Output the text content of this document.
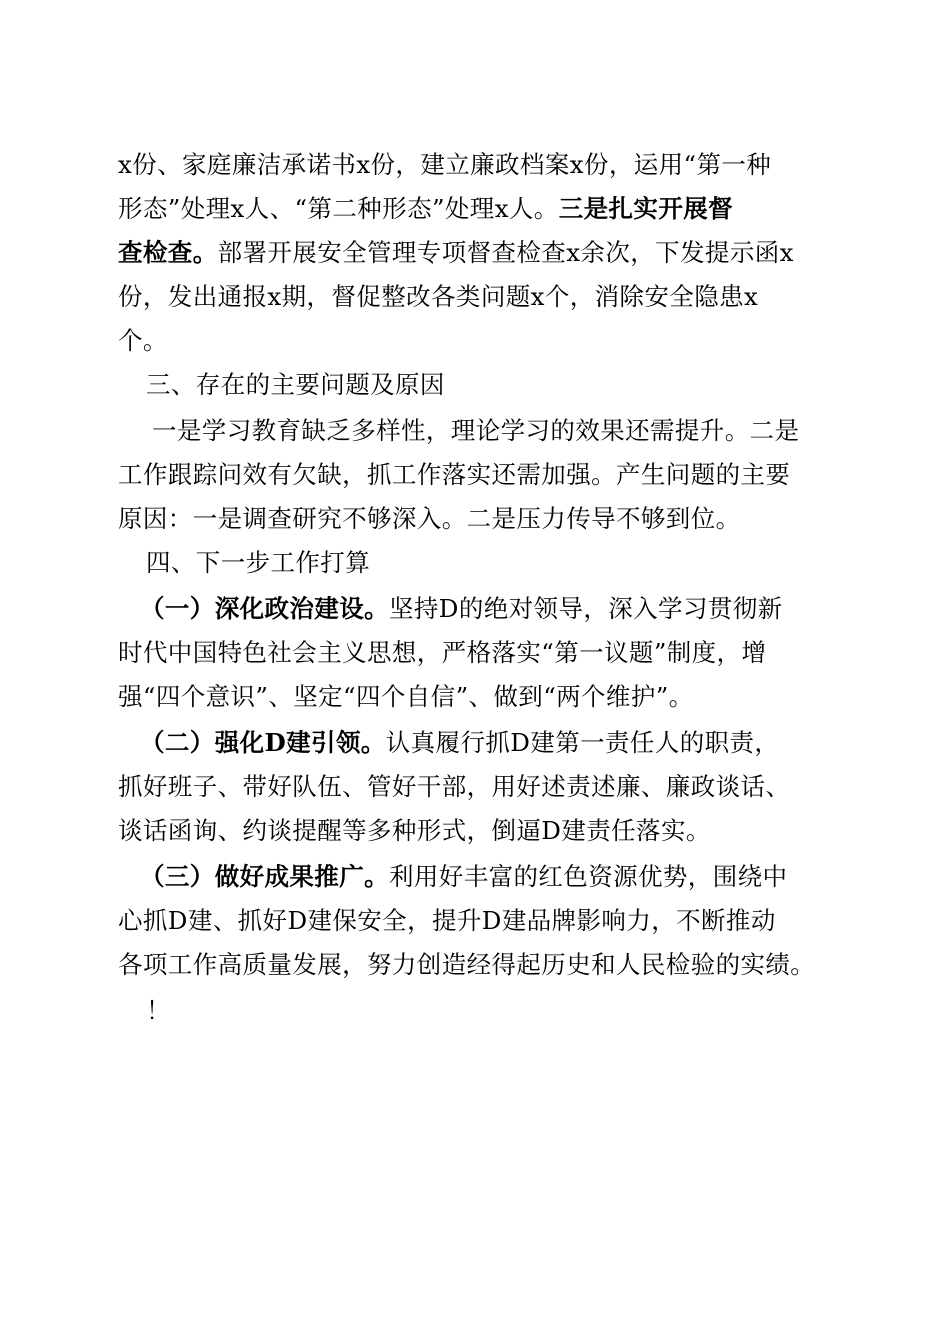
x份、家庭廉洁承诺书x份，建立廉政档案x份，运用“第一种
形态”处理x人、“第二种形态”处理x人。三是扎实开展督
查检查。部署开展安全管理专项督查检查x余次，下发提示函x
份，发出通报x期，督促整改各类问题x个，消除安全隐患x
个。
三、存在的主要问题及原因
一是学习教育缺乏多样性，理论学习的效果还需提升。二是
工作跟踪问效有欠缺，抓工作落实还需加强。产生问题的主要
原因：一是调查研究不够深入。二是压力传导不够到位。
四、下一步工作打算
（一）深化政治建设。坚持D的绝对领导，深入学习贯彻新
时代中国特色社会主义思想，严格落实“第一议题”制度，增
强“四个意识”、坚定“四个自信”、做到“两个维护”。
（二）强化D建引领。认真履行抓D建第一责任人的职责，
抓好班子、带好队伍、管好干部，用好述责述廉、廉政谈话、
谈话函询、约谈提醒等多种形式，倒逼D建责任落实。
（三）做好成果推广。利用好丰富的红色资源优势，围绕中
心抓D建、抓好D建保安全，提升D建品牌影响力，不断推动
各项工作高质量发展，努力创造经得起历史和人民检验的实绩。
！
